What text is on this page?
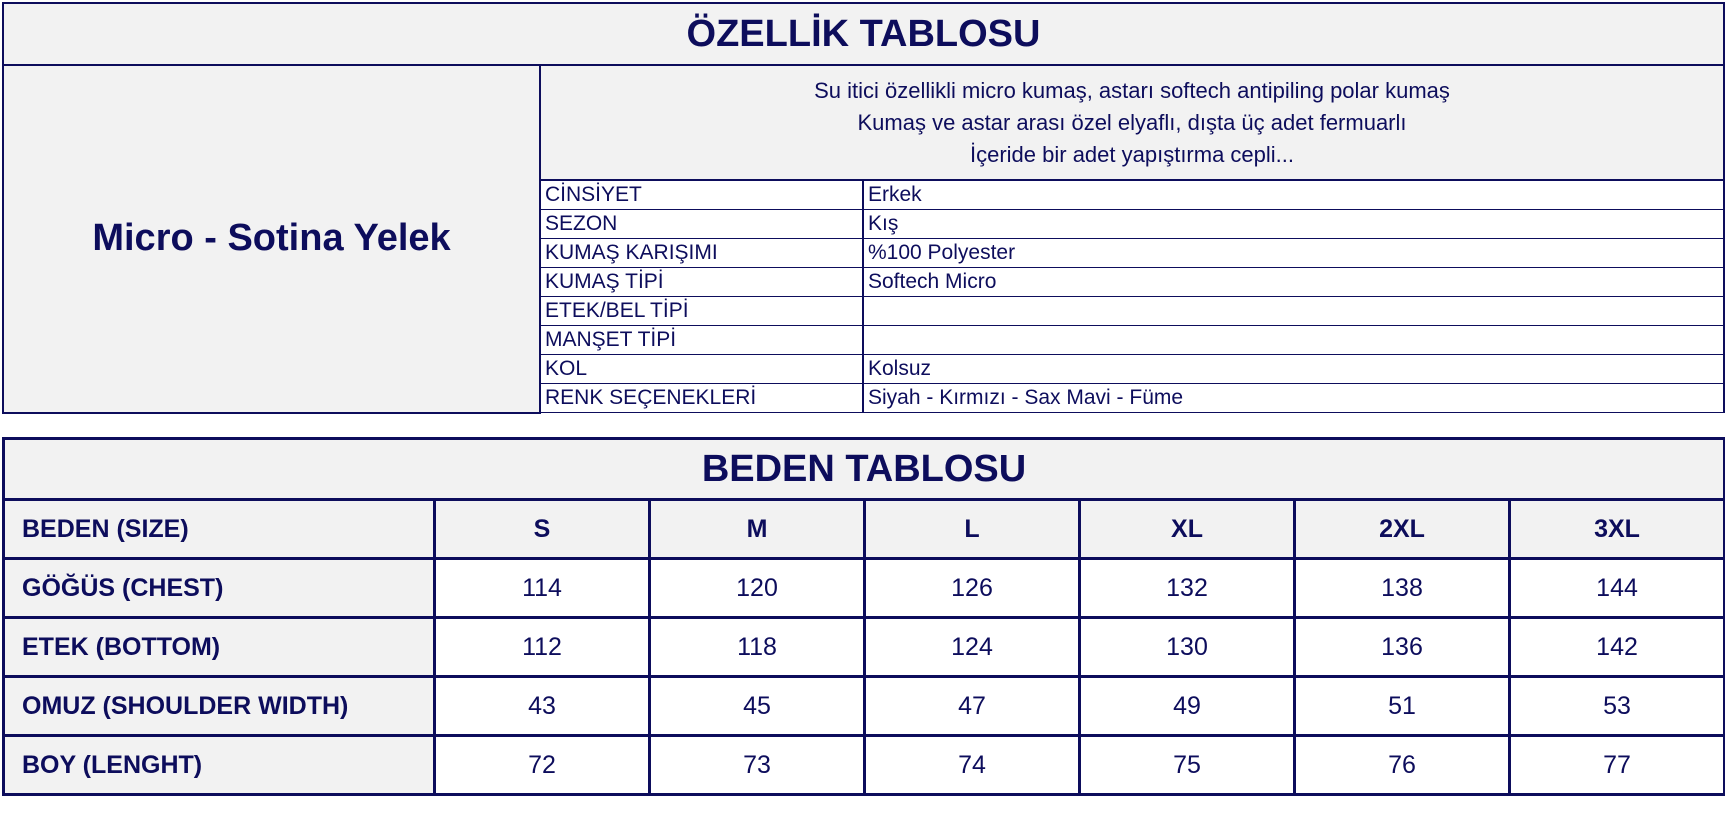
ÖZELLİK TABLOSU		
Micro - Sotina Yelek	Su itici özellikli micro kumaş, astarı softech antipiling polar kumaş
Kumaş ve astar arası özel elyaflı, dışta üç adet fermuarlı
İçeride bir adet yapıştırma cepli...	

	CİNSİYET	Erkek
	SEZON	Kış
	KUMAŞ KARIŞIMI	%100 Polyester
	KUMAŞ TİPİ	Softech Micro
	ETEK/BEL TİPİ	
	MANŞET TİPİ	
	KOL	Kolsuz
	RENK SEÇENEKLERİ	Siyah - Kırmızı - Sax Mavi - Füme
BEDEN TABLOSU						
BEDEN (SIZE)	S	M	L	XL	2XL	3XL
GÖĞÜS (CHEST)	114	120	126	132	138	144
ETEK (BOTTOM)	112	118	124	130	136	142
OMUZ (SHOULDER WIDTH)	43	45	47	49	51	53
BOY (LENGHT)	72	73	74	75	76	77
